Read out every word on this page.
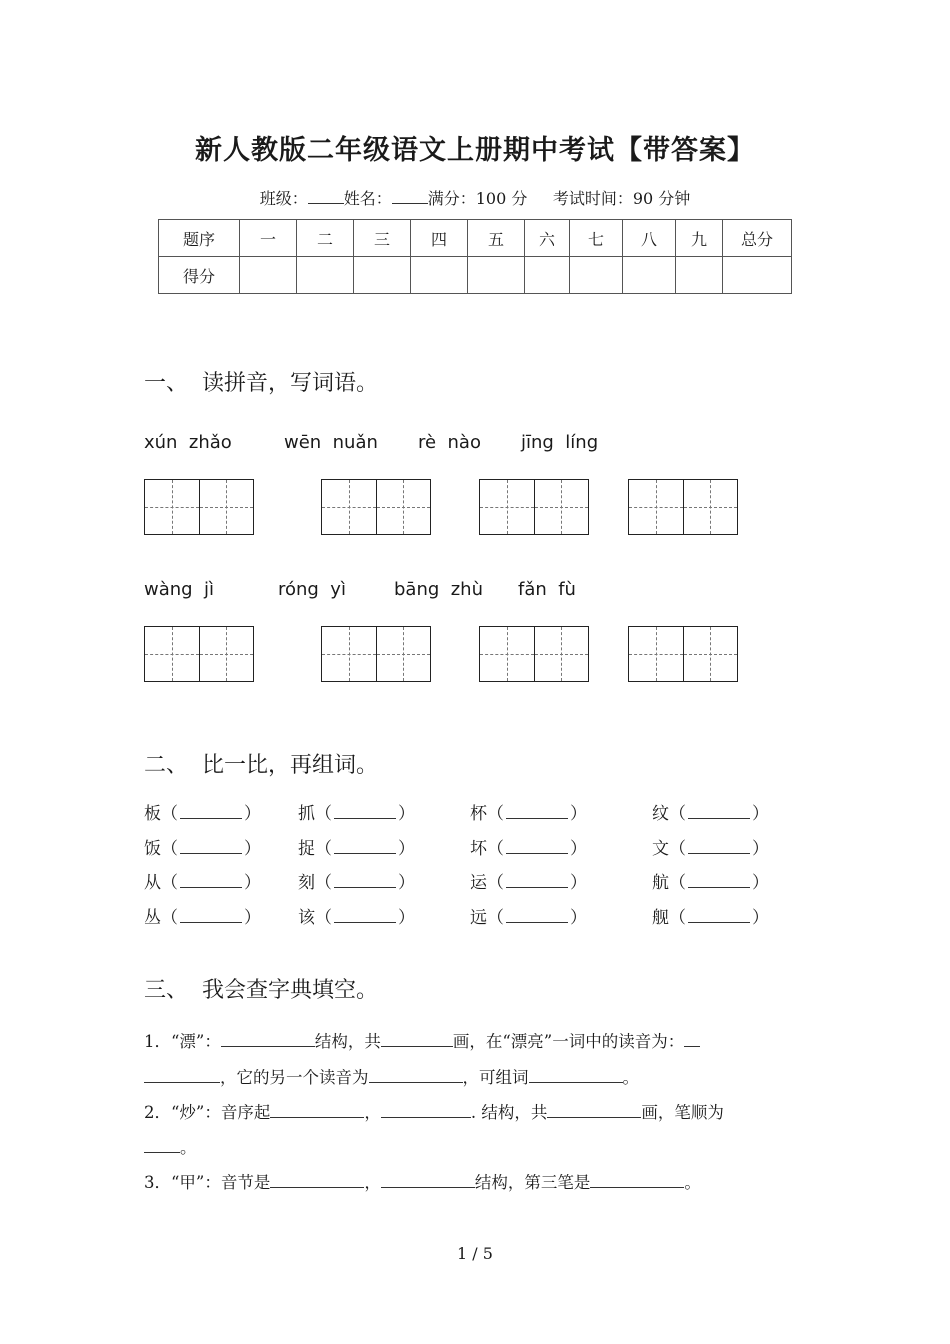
新人教版二年级语文上册期中考试【带答案】
班级： 姓名： 满分：100 分 考试时间：90 分钟
题序	一	二	三	四	五	六	七	八	九	总分
得分										
一、  读拼音，写词语。
xún  zhǎo	wēn  nuǎn rè  nào jīng  líng
wàng  jì	róng  yì	bāng  zhù fǎn  fù
二、  比一比，再组词。
板（	） 抓（	）	杯（	）	纹（	）
饭（	） 捉（	）	坏（	）	文（	）
从（	） 刻（	）	运（	）	航（	）
丛（	） 该（	）	远（	）	舰（	）
三、  我会查字典填空。
1．“漂”：	结构，共	画，在“漂亮”一词中的读音为：
，它的另一个读音为	，可组词	。
2．“炒”：音序起	，	. 结构，共	画，笔顺为
。
3．“甲”：音节是	，	结构，第三笔是	。
1 / 5
